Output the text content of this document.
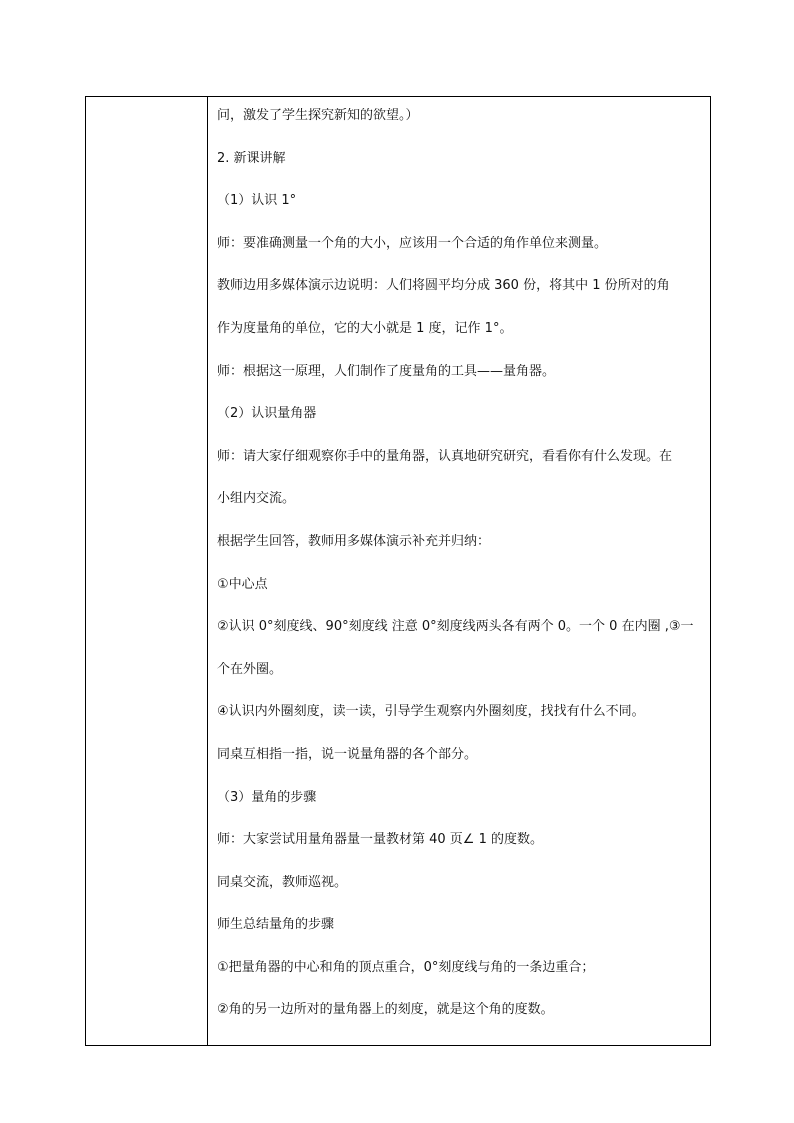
问，激发了学生探究新知的欲望。）
2. 新课讲解
（1）认识 1°
师：要准确测量一个角的大小，应该用一个合适的角作单位来测量。
教师边用多媒体演示边说明：人们将圆平均分成 360 份，将其中 1 份所对的角
作为度量角的单位，它的大小就是 1 度，记作 1°。
师：根据这一原理，人们制作了度量角的工具——量角器。
（2）认识量角器
师：请大家仔细观察你手中的量角器，认真地研究研究，看看你有什么发现。在
小组内交流。
根据学生回答，教师用多媒体演示补充并归纳：
①中心点
②认识 0°刻度线、90°刻度线 注意 0°刻度线两头各有两个 0。一个 0 在内圈 ,③一
个在外圈。
④认识内外圈刻度，读一读，引导学生观察内外圈刻度，找找有什么不同。
同桌互相指一指，说一说量角器的各个部分。
（3）量角的步骤
师：大家尝试用量角器量一量教材第 40 页∠ 1 的度数。
同桌交流，教师巡视。
师生总结量角的步骤
①把量角器的中心和角的顶点重合，0°刻度线与角的一条边重合；
②角的另一边所对的量角器上的刻度，就是这个角的度数。
